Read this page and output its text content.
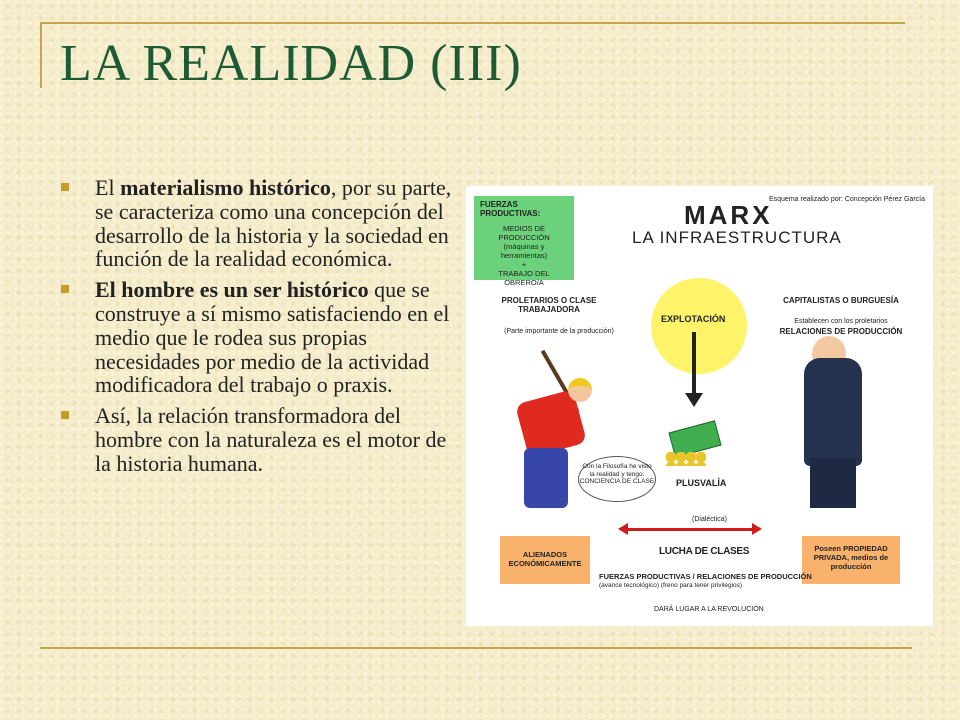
LA REALIDAD (III)
El materialismo histórico, por su parte, se caracteriza como una concepción del desarrollo de la historia y la sociedad en función de la realidad económica.
El hombre es un ser histórico que se construye a sí mismo satisfaciendo en el medio que le rodea sus propias necesidades por medio de la actividad modificadora del trabajo o praxis.
Así, la relación transformadora del hombre con la naturaleza es el motor de la historia humana.
Esquema realizado por: Concepción Pérez García
FUERZAS PRODUCTIVAS:
MEDIOS DE PRODUCCIÓN
(máquinas y herramientas)
+
TRABAJO DEL OBRERO/A
MARX
LA INFRAESTRUCTURA
PROLETARIOS O CLASE TRABAJADORA
(Parte importante de la producción)
CAPITALISTAS O BURGUESÍA
Establecen con los proletarios
RELACIONES DE PRODUCCIÓN
EXPLOTACIÓN
PLUSVALÍA
Con la Filosofía he visto la realidad y tengo: CONCIENCIA DE CLASE
(Dialéctica)
LUCHA DE CLASES
ALIENADOS ECONÓMICAMENTE
Poseen PROPIEDAD PRIVADA, medios de producción
FUERZAS PRODUCTIVAS / RELACIONES DE PRODUCCIÓN
(avance tecnológico) (freno para tener privilegios)
DARÁ LUGAR A LA REVOLUCIÓN
